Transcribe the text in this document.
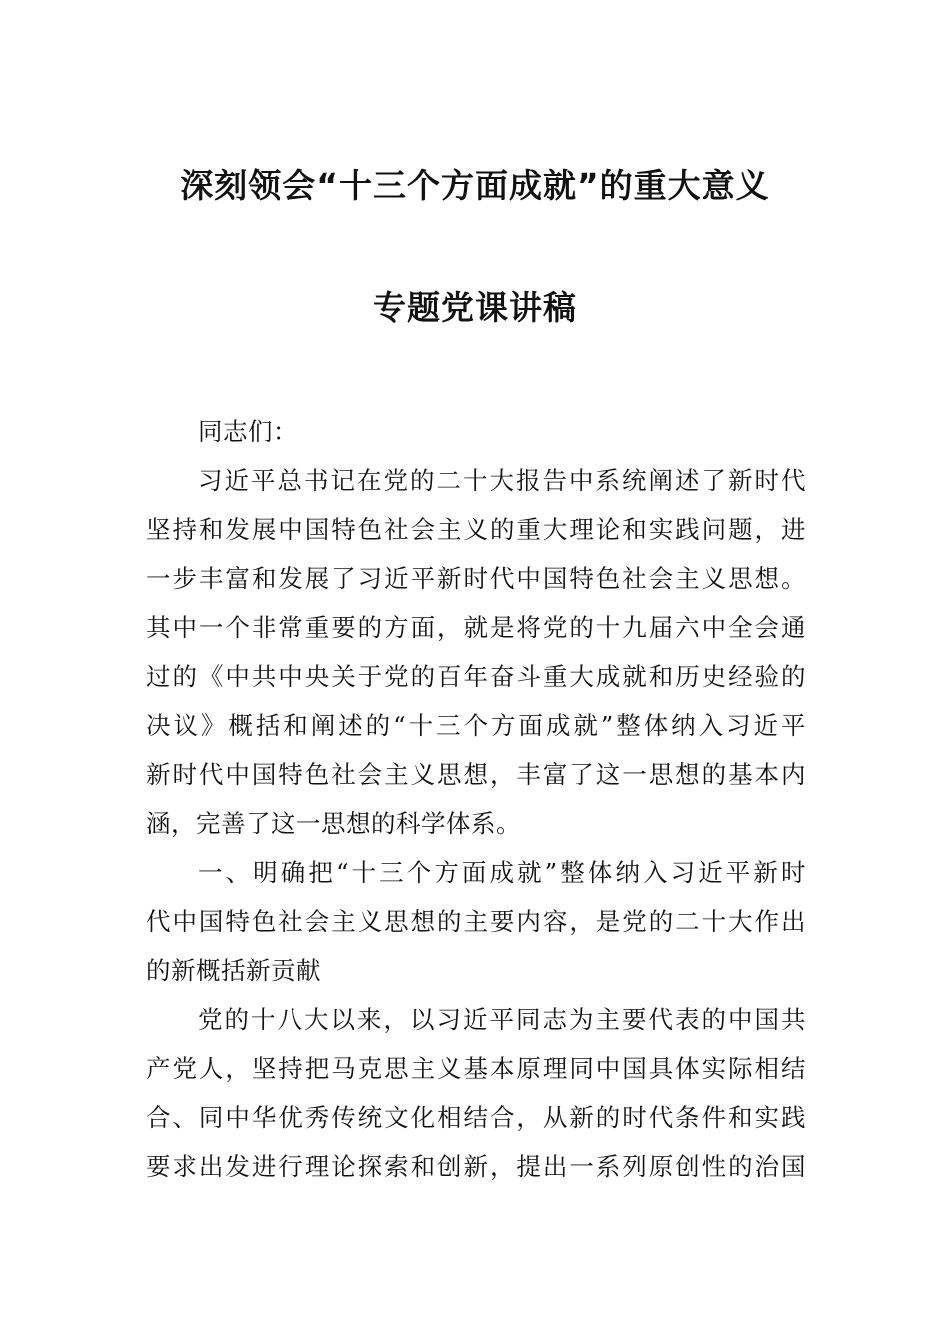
深刻领会“十三个方面成就”的重大意义
专题党课讲稿
同志们：
习近平总书记在党的二十大报告中系统阐述了新时代
坚持和发展中国特色社会主义的重大理论和实践问题，进
一步丰富和发展了习近平新时代中国特色社会主义思想。
其中一个非常重要的方面，就是将党的十九届六中全会通
过的《中共中央关于党的百年奋斗重大成就和历史经验的
决议》概括和阐述的“十三个方面成就”整体纳入习近平
新时代中国特色社会主义思想，丰富了这一思想的基本内
涵，完善了这一思想的科学体系。
一、明确把“十三个方面成就”整体纳入习近平新时
代中国特色社会主义思想的主要内容，是党的二十大作出
的新概括新贡献
党的十八大以来，以习近平同志为主要代表的中国共
产党人，坚持把马克思主义基本原理同中国具体实际相结
合、同中华优秀传统文化相结合，从新的时代条件和实践
要求出发进行理论探索和创新，提出一系列原创性的治国
